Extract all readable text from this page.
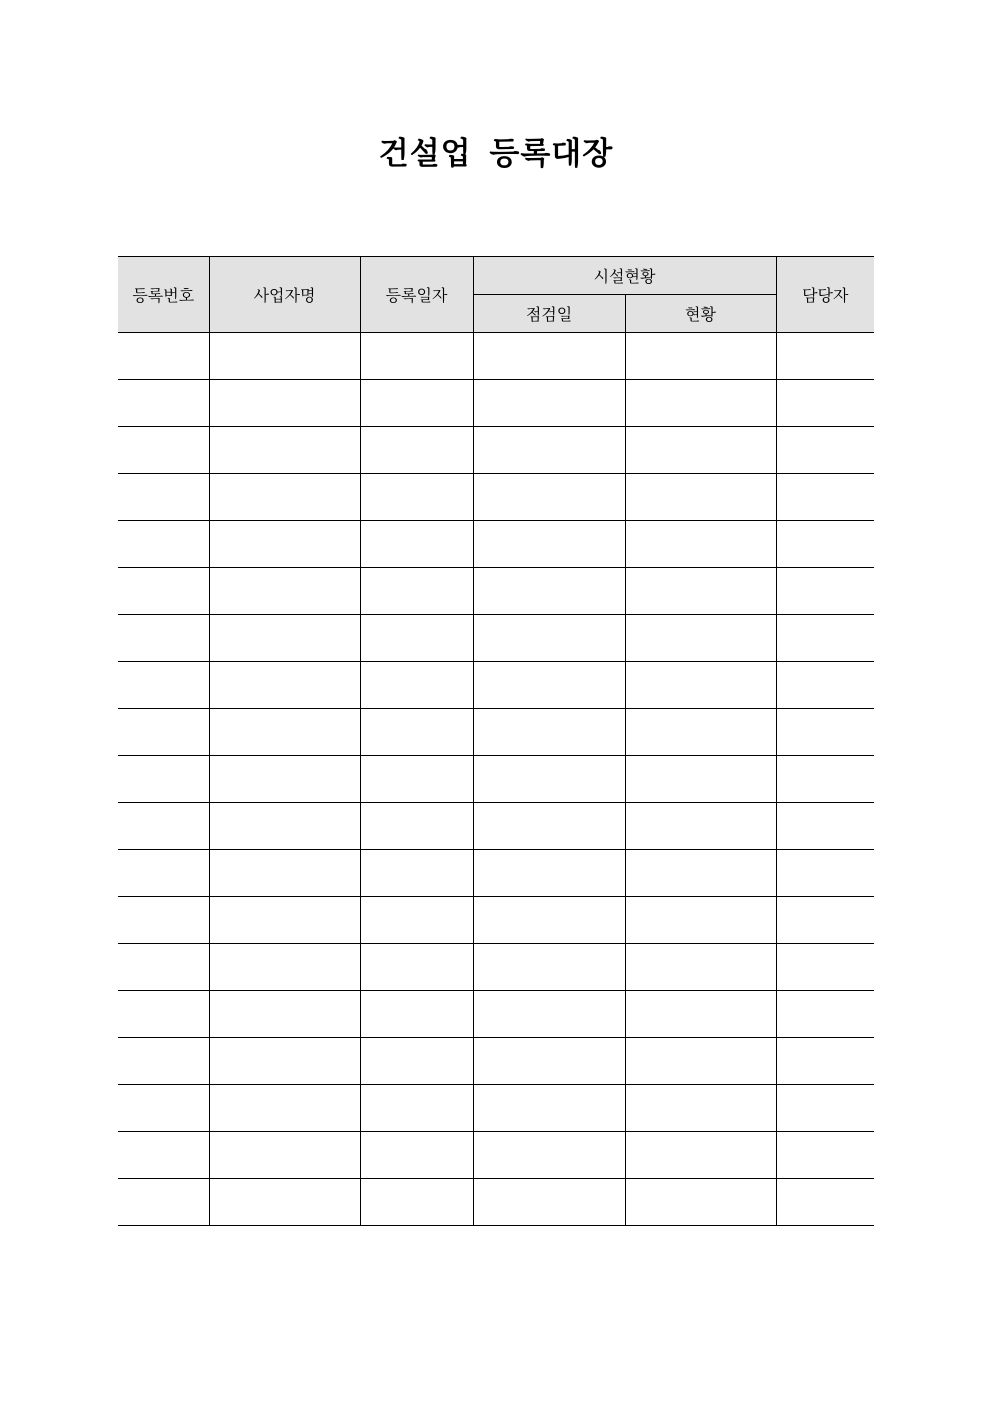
건설업 등록대장
등록번호	사업자명	등록일자	시설현황		담당자
			점검일	현황	
